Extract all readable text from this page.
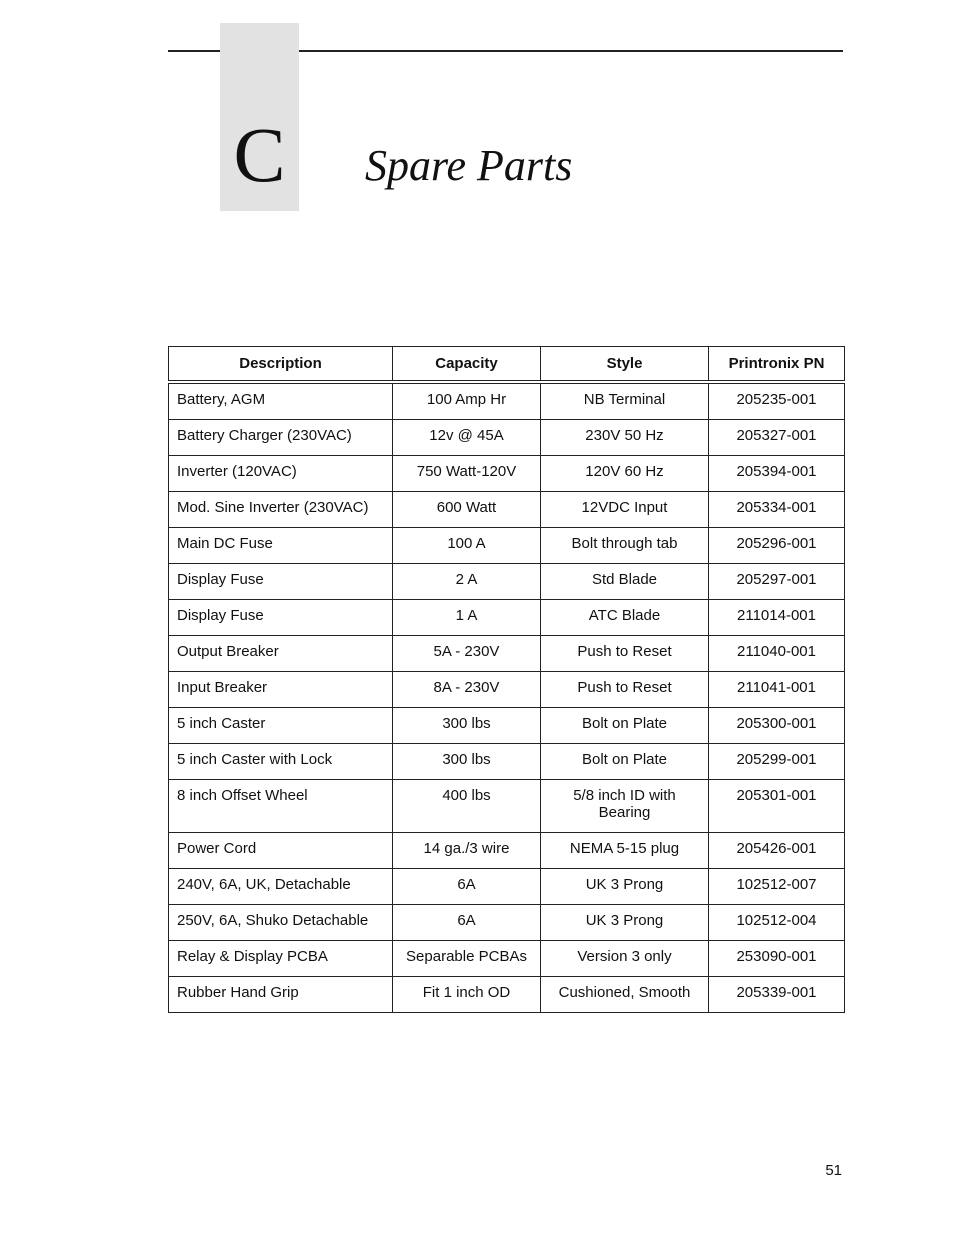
C	Spare Parts
Description	Capacity	Style	Printronix PN
Battery, AGM	100 Amp Hr	NB Terminal	205235-001
Battery Charger (230VAC)	12v @ 45A	230V 50 Hz	205327-001
Inverter (120VAC)	750 Watt-120V	120V 60 Hz	205394-001
Mod. Sine Inverter (230VAC)	600 Watt	12VDC Input	205334-001
Main DC Fuse	100 A	Bolt through tab	205296-001
Display Fuse	2 A	Std Blade	205297-001
Display Fuse	1 A	ATC Blade	211014-001
Output Breaker	5A - 230V	Push to Reset	211040-001
Input Breaker	8A - 230V	Push to Reset	211041-001
5 inch Caster	300 lbs	Bolt on Plate	205300-001
5 inch Caster with Lock	300 lbs	Bolt on Plate	205299-001
8 inch Offset Wheel	400 lbs	5/8 inch ID with Bearing	205301-001
Power Cord	14 ga./3 wire	NEMA 5-15 plug	205426-001
240V, 6A, UK, Detachable	6A	UK 3 Prong	102512-007
250V, 6A, Shuko Detachable	6A	UK 3 Prong	102512-004
Relay & Display PCBA	Separable PCBAs	Version 3 only	253090-001
Rubber Hand Grip	Fit 1 inch OD	Cushioned, Smooth	205339-001
51
